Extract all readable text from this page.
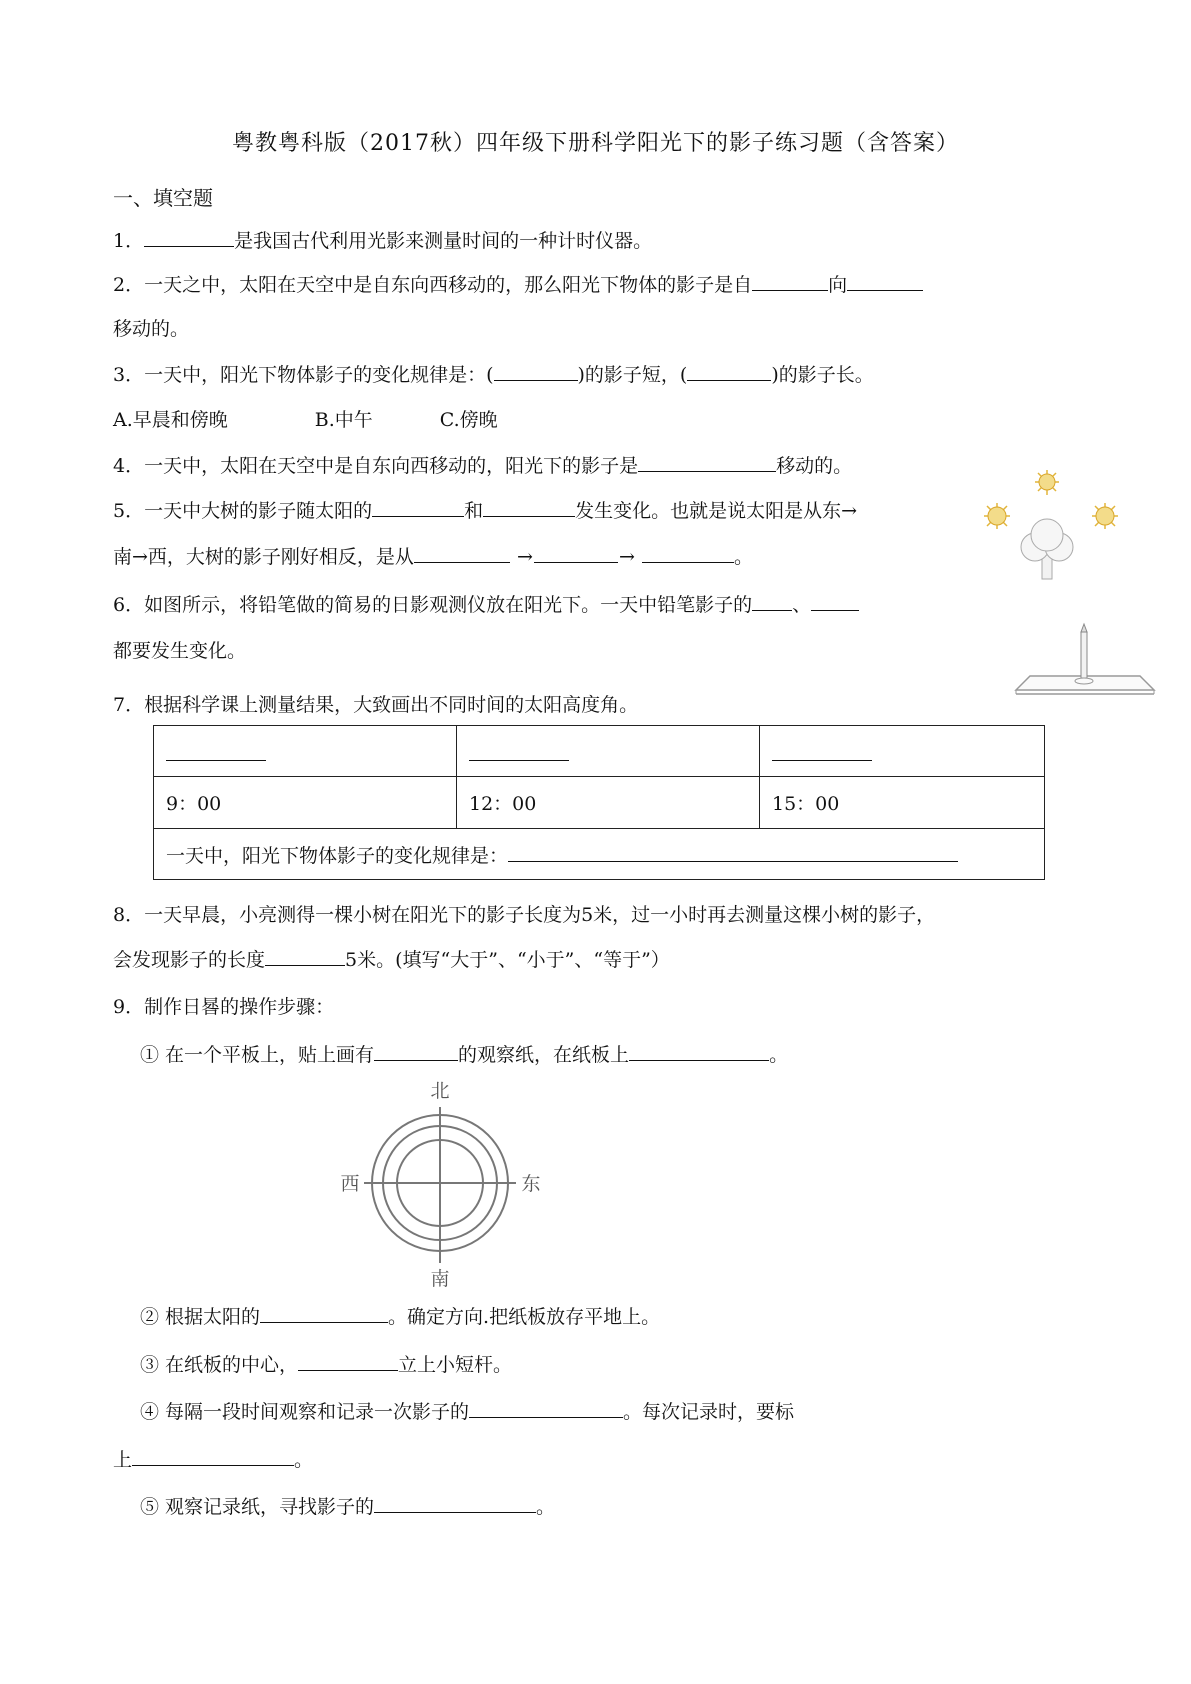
粤教粤科版（2017秋）四年级下册科学阳光下的影子练习题（含答案）
一、填空题
1．	是我国古代利用光影来测量时间的一种计时仪器。
2．一天之中，太阳在天空中是自东向西移动的，那么阳光下物体的影子是自	向
移动的。
3．一天中，阳光下物体影子的变化规律是：(	)的影子短，(	)的影子长。
A.早晨和傍晚	B.中午	C.傍晚
4．一天中，太阳在天空中是自东向西移动的，阳光下的影子是	移动的。
5．一天中大树的影子随太阳的	和	发生变化。也就是说太阳是从东→
南→西，大树的影子刚好相反，是从	→	→	。
6．如图所示，将铅笔做的简易的日影观测仪放在阳光下。一天中铅笔影子的 、
都要发生变化。
7．根据科学课上测量结果，大致画出不同时间的太阳高度角。

9：00	12：00	15：00
一天中，阳光下物体影子的变化规律是：		
8．一天早晨，小亮测得一棵小树在阳光下的影子长度为5米，过一小时再去测量这棵小树的影子，
会发现影子的长度	5米。(填写“大于”、“小于”、“等于”）
9．制作日晷的操作步骤：
① 在一个平板上，贴上画有	的观察纸，在纸板上	。
北
南
西	东
② 根据太阳的	。确定方向.把纸板放存平地上。
③ 在纸板的中心，	立上小短杆。
④ 每隔一段时间观察和记录一次影子的	。每次记录时，要标
上	。
⑤ 观察记录纸，寻找影子的	。
